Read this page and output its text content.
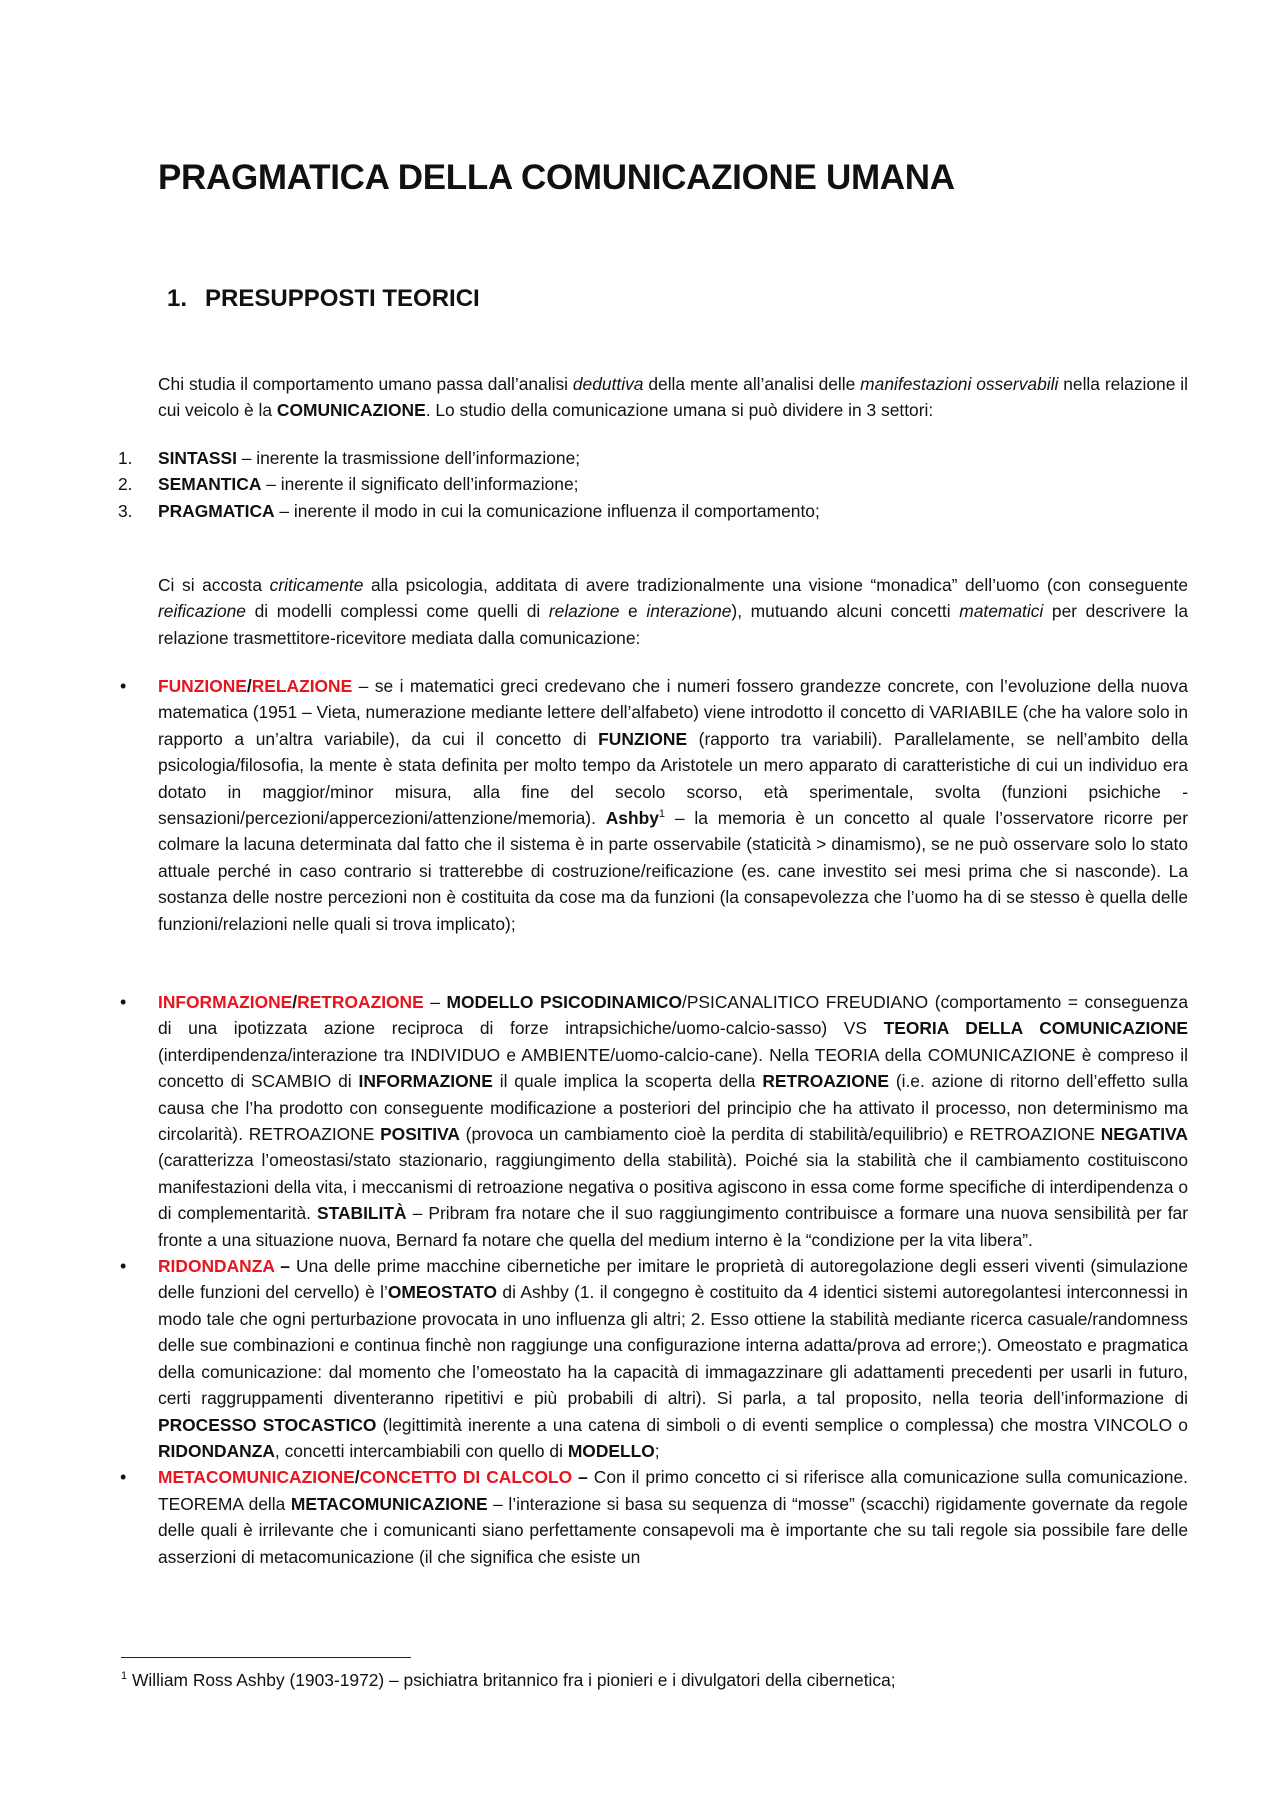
PRAGMATICA DELLA COMUNICAZIONE UMANA
1. PRESUPPOSTI TEORICI

Chi studia il comportamento umano passa dall’analisi deduttiva della mente all’analisi delle manifestazioni osservabili nella relazione il cui veicolo è la COMUNICAZIONE. Lo studio della comunicazione umana si può dividere in 3 settori:

1. SINTASSI – inerente la trasmissione dell’informazione;
2. SEMANTICA – inerente il significato dell’informazione;
3. PRAGMATICA – inerente il modo in cui la comunicazione influenza il comportamento;

Ci si accosta criticamente alla psicologia, additata di avere tradizionalmente una visione “monadica” dell’uomo (con conseguente reificazione di modelli complessi come quelli di relazione e interazione), mutuando alcuni concetti matematici per descrivere la relazione trasmettitore-ricevitore mediata dalla comunicazione:

• FUNZIONE/RELAZIONE – se i matematici greci credevano che i numeri fossero grandezze concrete, con l’evoluzione della nuova matematica (1951 – Vieta, numerazione mediante lettere dell’alfabeto) viene introdotto il concetto di VARIABILE (che ha valore solo in rapporto a un’altra variabile), da cui il concetto di FUNZIONE (rapporto tra variabili). Parallelamente, se nell’ambito della psicologia/filosofia, la mente è stata definita per molto tempo da Aristotele un mero apparato di caratteristiche di cui un individuo era dotato in maggior/minor misura, alla fine del secolo scorso, età sperimentale, svolta (funzioni psichiche - sensazioni/percezioni/appercezioni/attenzione/memoria). Ashby$^1$ – la memoria è un concetto al quale l’osservatore ricorre per colmare la lacuna determinata dal fatto che il sistema è in parte osservabile (staticità > dinamismo), se ne può osservare solo lo stato attuale perché in caso contrario si tratterebbe di costruzione/reificazione (es. cane investito sei mesi prima che si nasconde). La sostanza delle nostre percezioni non è costituita da cose ma da funzioni (la consapevolezza che l’uomo ha di se stesso è quella delle funzioni/relazioni nelle quali si trova implicato);
• INFORMAZIONE/RETROAZIONE – MODELLO PSICODINAMICO/PSICANALITICO FREUDIANO (comportamento = conseguenza di una ipotizzata azione reciproca di forze intrapsichiche/uomo-calcio-sasso) VS TEORIA DELLA COMUNICAZIONE (interdipendenza/interazione tra INDIVIDUO e AMBIENTE/uomo-calcio-cane). Nella TEORIA della COMUNICAZIONE è compreso il concetto di SCAMBIO di INFORMAZIONE il quale implica la scoperta della RETROAZIONE (i.e. azione di ritorno dell’effetto sulla causa che l’ha prodotto con conseguente modificazione a posteriori del principio che ha attivato il processo, non determinismo ma circolarità). RETROAZIONE POSITIVA (provoca un cambiamento cioè la perdita di stabilità/equilibrio) e RETROAZIONE NEGATIVA (caratterizza l’omeostasi/stato stazionario, raggiungimento della stabilità). Poiché sia la stabilità che il cambiamento costituiscono manifestazioni della vita, i meccanismi di retroazione negativa o positiva agiscono in essa come forme specifiche di interdipendenza o di complementarità. STABILITÀ – Pribram fra notare che il suo raggiungimento contribuisce a formare una nuova sensibilità per far fronte a una situazione nuova, Bernard fa notare che quella del medium interno è la “condizione per la vita libera”.
• RIDONDANZA – Una delle prime macchine cibernetiche per imitare le proprietà di autoregolazione degli esseri viventi (simulazione delle funzioni del cervello) è l’OMEOSTATO di Ashby (1. il congegno è costituito da 4 identici sistemi autoregolantesi interconnessi in modo tale che ogni perturbazione provocata in uno influenza gli altri; 2. Esso ottiene la stabilità mediante ricerca casuale/randomness delle sue combinazioni e continua finchè non raggiunge una configurazione interna adatta/prova ad errore;). Omeostato e pragmatica della comunicazione: dal momento che l’omeostato ha la capacità di immagazzinare gli adattamenti precedenti per usarli in futuro, certi raggruppamenti diventeranno ripetitivi e più probabili di altri). Si parla, a tal proposito, nella teoria dell’informazione di PROCESSO STOCASTICO (legittimità inerente a una catena di simboli o di eventi semplice o complessa) che mostra VINCOLO o RIDONDANZA, concetti intercambiabili con quello di MODELLO;
• METACOMUNICAZIONE/CONCETTO DI CALCOLO – Con il primo concetto ci si riferisce alla comunicazione sulla comunicazione. TEOREMA della METACOMUNICAZIONE – l’interazione si basa su sequenza di “mosse” (scacchi) rigidamente governate da regole delle quali è irrilevante che i comunicanti siano perfettamente consapevoli ma è importante che su tali regole sia possibile fare delle asserzioni di metacomunicazione (il che significa che esiste un

$^1$ William Ross Ashby (1903-1972) – psichiatra britannico fra i pionieri e i divulgatori della cibernetica;
